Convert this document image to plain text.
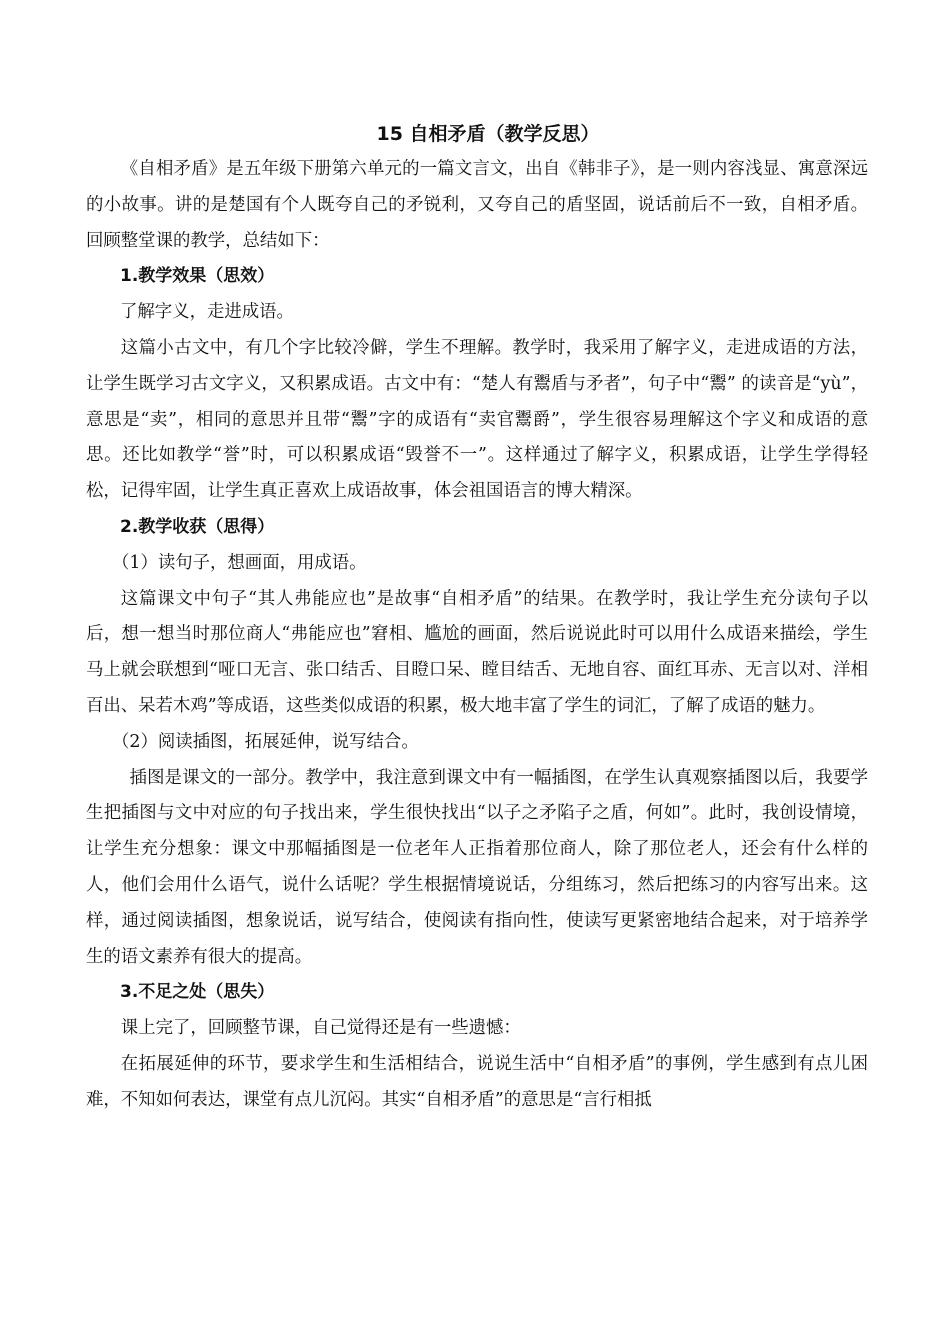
15 自相矛盾（教学反思）

《自相矛盾》是五年级下册第六单元的一篇文言文，出自《韩非子》，是一则内容浅显、寓意深远的小故事。讲的是楚国有个人既夸自己的矛锐利，又夸自己的盾坚固，说话前后不一致，自相矛盾。回顾整堂课的教学，总结如下：

1.教学效果（思效）

了解字义，走进成语。

这篇小古文中，有几个字比较冷僻，学生不理解。教学时，我采用了解字义，走进成语的方法，让学生既学习古文字义，又积累成语。古文中有：“楚人有鬻盾与矛者”，句子中“鬻” 的读音是“yù”，意思是“卖”，相同的意思并且带“鬻”字的成语有“卖官鬻爵”，学生很容易理解这个字义和成语的意思。还比如教学“誉”时，可以积累成语“毁誉不一”。这样通过了解字义，积累成语，让学生学得轻松，记得牢固，让学生真正喜欢上成语故事，体会祖国语言的博大精深。

2.教学收获（思得）

（1）读句子，想画面，用成语。

这篇课文中句子“其人弗能应也”是故事“自相矛盾”的结果。在教学时，我让学生充分读句子以后，想一想当时那位商人“弗能应也”窘相、尴尬的画面，然后说说此时可以用什么成语来描绘，学生马上就会联想到“哑口无言、张口结舌、目瞪口呆、瞠目结舌、无地自容、面红耳赤、无言以对、洋相百出、呆若木鸡”等成语，这些类似成语的积累，极大地丰富了学生的词汇，了解了成语的魅力。

（2）阅读插图，拓展延伸，说写结合。

插图是课文的一部分。教学中，我注意到课文中有一幅插图，在学生认真观察插图以后，我要学生把插图与文中对应的句子找出来，学生很快找出“以子之矛陷子之盾，何如”。此时，我创设情境，让学生充分想象：课文中那幅插图是一位老年人正指着那位商人，除了那位老人，还会有什么样的人，他们会用什么语气，说什么话呢？学生根据情境说话，分组练习，然后把练习的内容写出来。这样，通过阅读插图，想象说话，说写结合，使阅读有指向性，使读写更紧密地结合起来，对于培养学生的语文素养有很大的提高。

3.不足之处（思失）

课上完了，回顾整节课，自己觉得还是有一些遗憾：

在拓展延伸的环节，要求学生和生活相结合，说说生活中“自相矛盾”的事例，学生感到有点儿困难，不知如何表达，课堂有点儿沉闷。其实“自相矛盾”的意思是“言行相抵
